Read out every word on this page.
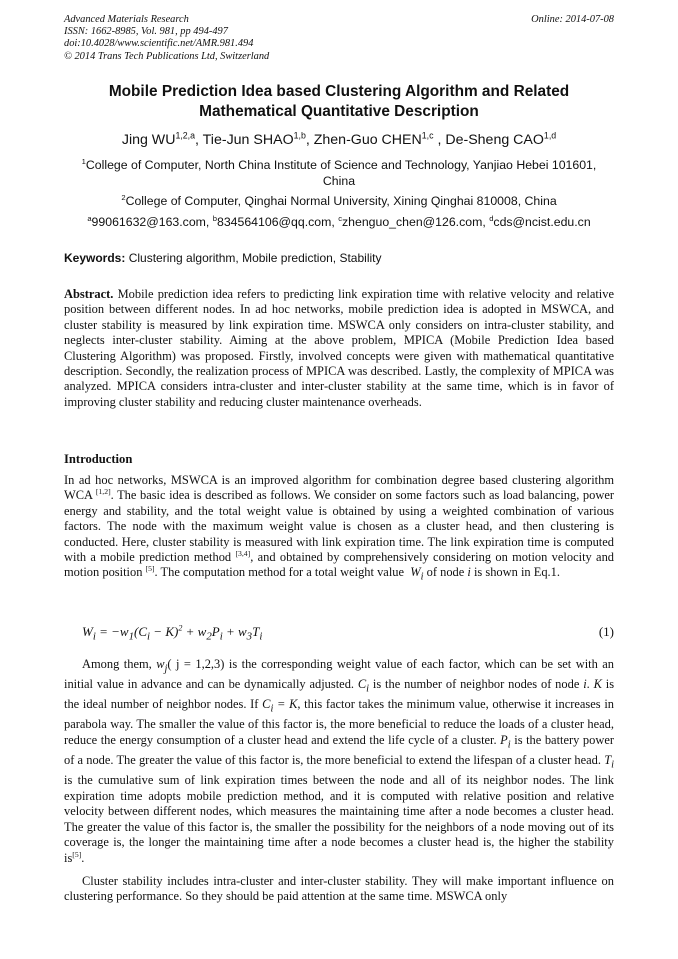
Advanced Materials Research
ISSN: 1662-8985, Vol. 981, pp 494-497
doi:10.4028/www.scientific.net/AMR.981.494
© 2014 Trans Tech Publications Ltd, Switzerland
Online: 2014-07-08
Mobile Prediction Idea based Clustering Algorithm and Related Mathematical Quantitative Description
Jing WU$^{1,2,a}$, Tie-Jun SHAO$^{1,b}$, Zhen-Guo CHEN$^{1,c}$ , De-Sheng CAO$^{1,d}$
$^1$College of Computer, North China Institute of Science and Technology, Yanjiao Hebei 101601, China
$^2$College of Computer, Qinghai Normal University, Xining Qinghai 810008, China
$^a$99061632@163.com, $^b$834564106@qq.com, $^c$zhenguo_chen@126.com, $^d$cds@ncist.edu.cn
Keywords: Clustering algorithm, Mobile prediction, Stability
Abstract. Mobile prediction idea refers to predicting link expiration time with relative velocity and relative position between different nodes. In ad hoc networks, mobile prediction idea is adopted in MSWCA, and cluster stability is measured by link expiration time. MSWCA only considers on intra-cluster stability, and neglects inter-cluster stability. Aiming at the above problem, MPICA (Mobile Prediction Idea based Clustering Algorithm) was proposed. Firstly, involved concepts were given with mathematical quantitative description. Secondly, the realization process of MPICA was described. Lastly, the complexity of MPICA was analyzed. MPICA considers intra-cluster and inter-cluster stability at the same time, which is in favor of improving cluster stability and reducing cluster maintenance overheads.
Introduction
In ad hoc networks, MSWCA is an improved algorithm for combination degree based clustering algorithm WCA [1,2]. The basic idea is described as follows. We consider on some factors such as load balancing, power energy and stability, and the total weight value is obtained by using a weighted combination of various factors. The node with the maximum weight value is chosen as a cluster head, and then clustering is conducted. Here, cluster stability is measured with link expiration time. The link expiration time is computed with a mobile prediction method [3,4], and obtained by comprehensively considering on motion velocity and motion position [5]. The computation method for a total weight value $W_i$ of node i is shown in Eq.1.
$W_i = -w_1(C_i - K)^2 + w_2P_i + w_3T_i$	(1)
Among them, $w_j$( j = 1,2,3) is the corresponding weight value of each factor, which can be set with an initial value in advance and can be dynamically adjusted. $C_i$ is the number of neighbor nodes of node i. K is the ideal number of neighbor nodes. If $C_i = K$, this factor takes the minimum value, otherwise it increases in parabola way. The smaller the value of this factor is, the more beneficial to reduce the loads of a cluster head, reduce the energy consumption of a cluster head and extend the life cycle of a cluster. $P_i$ is the battery power of a node. The greater the value of this factor is, the more beneficial to extend the lifespan of a cluster head. $T_i$ is the cumulative sum of link expiration times between the node and all of its neighbor nodes. The link expiration time adopts mobile prediction method, and it is computed with relative position and relative velocity between different nodes, which measures the maintaining time after a node becomes a cluster head. The greater the value of this factor is, the smaller the possibility for the neighbors of a node moving out of its coverage is, the longer the maintaining time after a node becomes a cluster head is, the higher the stability is[5].
Cluster stability includes intra-cluster and inter-cluster stability. They will make important influence on clustering performance. So they should be paid attention at the same time. MSWCA only
